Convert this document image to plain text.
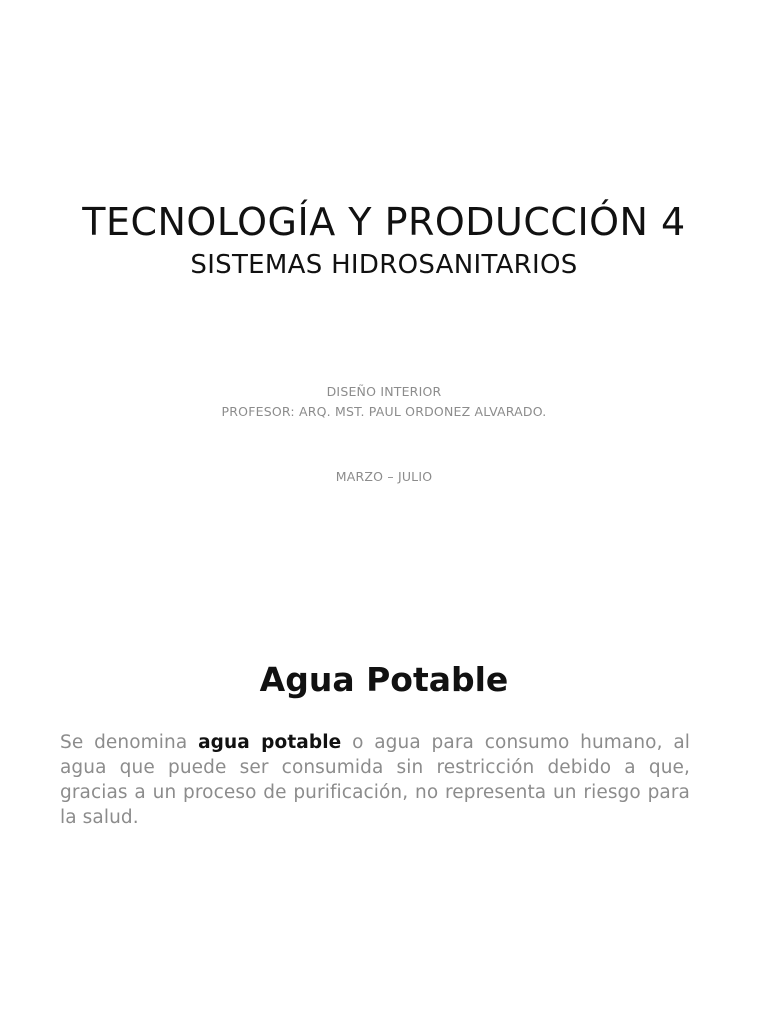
TECNOLOGÍA Y PRODUCCIÓN 4
SISTEMAS HIDROSANITARIOS
DISEÑO INTERIOR
PROFESOR: ARQ. MST. PAUL ORDONEZ ALVARADO.
MARZO – JULIO
Agua Potable

Se denomina agua potable o agua para consumo humano, al agua que puede ser consumida sin restricción debido a que, gracias a un proceso de purificación, no representa un riesgo para la salud.
